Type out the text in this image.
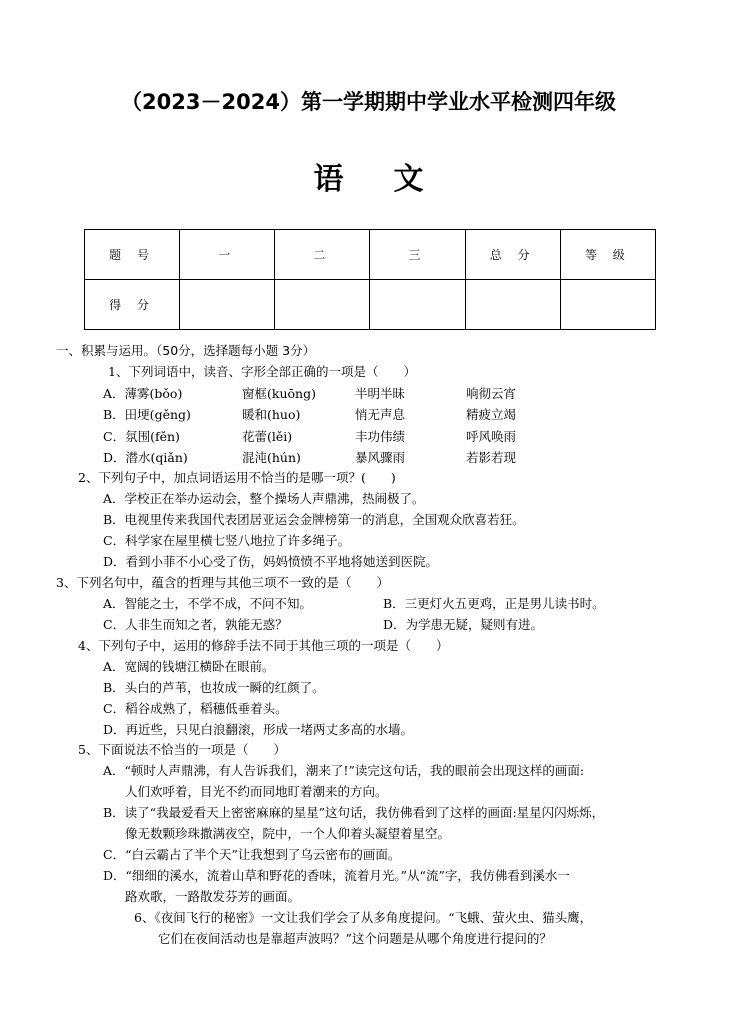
（2023－2024）第一学期期中学业水平检测四年级
语文
题 号	一	二	三	总 分	等 级
得 分					
一、积累与运用。（50分，选择题每小题 3分）
1、下列词语中，读音、字形全部正确的一项是（　　）
A．薄雾(bǒo)	窗框(kuōng)	半明半昧	响彻云宵
B．田埂(gěng)	暖和(huo)	悄无声息	精疲立竭
C．氛围(fěn)	花蕾(lěi)	丰功伟绩	呼风唤雨
D．潜水(qiǎn)	混沌(hún)	暴风骤雨	若影若现
2、下列句子中，加点词语运用不恰当的是哪一项？(　　)
A．学校正在举办运动会，整个操场人声鼎沸，热闹极了。
B．电视里传来我国代表团居亚运会金牌榜第一的消息，全国观众欣喜若狂。
C．科学家在屋里横七竖八地拉了许多绳子。
D．看到小菲不小心受了伤，妈妈愤愤不平地将她送到医院。
3、下列名句中，蕴含的哲理与其他三项不一致的是（　　）
A．智能之士，不学不成，不问不知。	B．三更灯火五更鸡，正是男儿读书时。
C．人非生而知之者，孰能无惑？	D．为学患无疑，疑则有进。
4、下列句子中，运用的修辞手法不同于其他三项的一项是（　　）
A．宽阔的钱塘江横卧在眼前。
B．头白的芦苇，也妆成一瞬的红颜了。
C．稻谷成熟了，稻穗低垂着头。
D．再近些，只见白浪翻滚，形成一堵两丈多高的水墙。
5、下面说法不恰当的一项是（　　）
A．“顿时人声鼎沸，有人告诉我们，潮来了!”读完这句话，我的眼前会出现这样的画面:
人们欢呼着，目光不约而同地盯着潮来的方向。
B．读了“我最爱看天上密密麻麻的星星”这句话，我仿佛看到了这样的画面:星星闪闪烁烁，
像无数颗珍珠撒满夜空，院中，一个人仰着头凝望着星空。
C．“白云霸占了半个天”让我想到了乌云密布的画面。
D．“细细的溪水，流着山草和野花的香味，流着月光。”从“流”字，我仿佛看到溪水一
路欢歌，一路散发芬芳的画面。
6、《夜间飞行的秘密》一文让我们学会了从多角度提问。“飞蛾、萤火虫、猫头鹰，
它们在夜间活动也是靠超声波吗？”这个问题是从哪个角度进行提问的？
